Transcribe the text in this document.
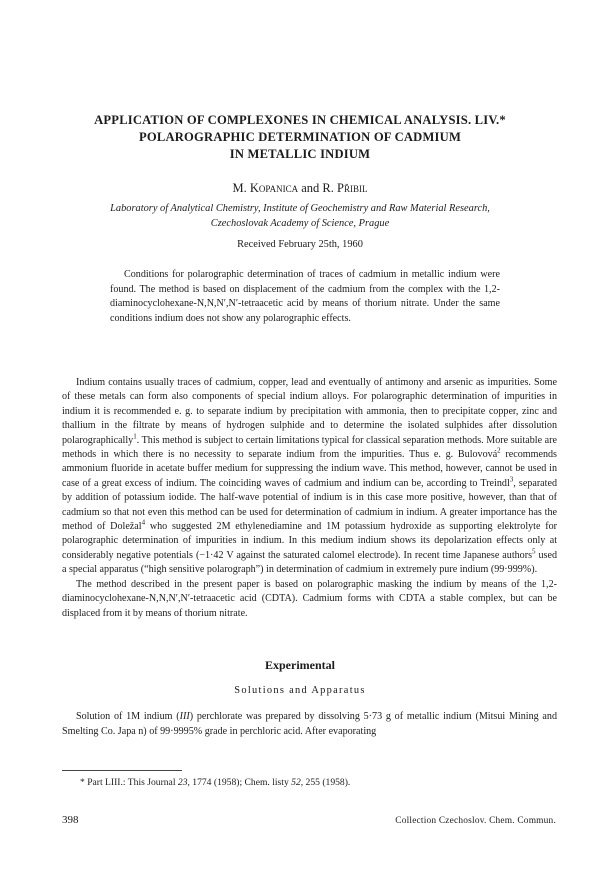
APPLICATION OF COMPLEXONES IN CHEMICAL ANALYSIS. LIV.*
POLAROGRAPHIC DETERMINATION OF CADMIUM
IN METALLIC INDIUM
M. Kopanica and R. Přibil
Laboratory of Analytical Chemistry, Institute of Geochemistry and Raw Material Research,
Czechoslovak Academy of Science, Prague
Received February 25th, 1960

Conditions for polarographic determination of traces of cadmium in metallic indium were found. The method is based on displacement of the cadmium from the complex with the 1,2-diaminocyclohexane-N,N,N′,N′-tetraacetic acid by means of thorium nitrate. Under the same conditions indium does not show any polarographic effects.

Indium contains usually traces of cadmium, copper, lead and eventually of antimony and arsenic as impurities. Some of these metals can form also components of special indium alloys. For polarographic determination of impurities in indium it is recommended e. g. to separate indium by precipitation with ammonia, then to precipitate copper, zinc and thallium in the filtrate by means of hydrogen sulphide and to determine the isolated sulphides after dissolution polarographically$^1$. This method is subject to certain limitations typical for classical separation methods. More suitable are methods in which there is no necessity to separate indium from the impurities. Thus e. g. Bulovová$^2$ recommends ammonium fluoride in acetate buffer medium for suppressing the indium wave. This method, however, cannot be used in case of a great excess of indium. The coinciding waves of cadmium and indium can be, according to Treindl$^3$, separated by addition of potassium iodide. The half-wave potential of indium is in this case more positive, however, than that of cadmium so that not even this method can be used for determination of cadmium in indium. A greater importance has the method of Doležal$^4$ who suggested 2M ethylenediamine and 1M potassium hydroxide as supporting elektrolyte for polarographic determination of impurities in indium. In this medium indium shows its depolarization effects only at considerably negative potentials (−1·42 V against the saturated calomel electrode). In recent time Japanese authors$^5$ used a special apparatus (“high sensitive polarograph”) in determination of cadmium in extremely pure indium (99·999%).

The method described in the present paper is based on polarographic masking the indium by means of the 1,2-diaminocyclohexane-N,N,N′,N′-tetraacetic acid (CDTA). Cadmium forms with CDTA a stable complex, but can be displaced from it by means of thorium nitrate.

Experimental
Solutions and Apparatus

Solution of 1M indium (III) perchlorate was prepared by dissolving 5·73 g of metallic indium (Mitsui Mining and Smelting Co. Japa n) of 99·9995% grade in perchloric acid. After evaporating

* Part LIII.: This Journal 23, 1774 (1958); Chem. listy 52, 255 (1958).
398	Collection Czechoslov. Chem. Commun.
